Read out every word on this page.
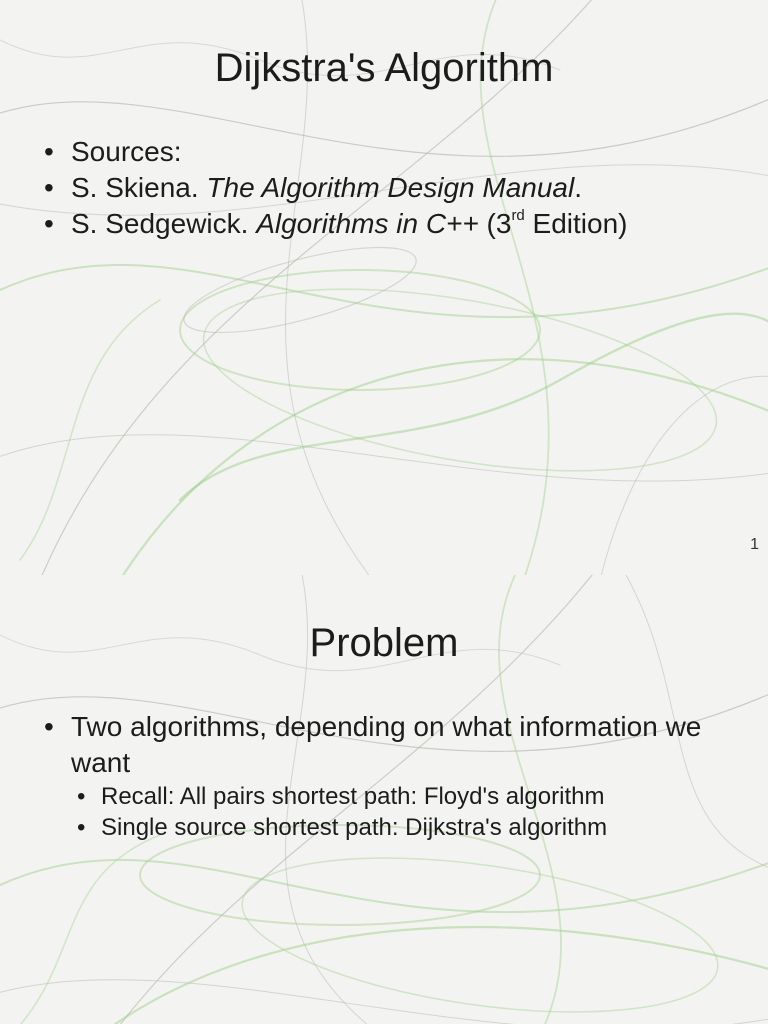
Dijkstra's Algorithm
• Sources:
• S. Skiena. The Algorithm Design Manual.
• S. Sedgewick. Algorithms in C++ (3rd Edition)
1
Problem
• Two algorithms, depending on what information we want
• Recall: All pairs shortest path: Floyd's algorithm
• Single source shortest path: Dijkstra's algorithm
